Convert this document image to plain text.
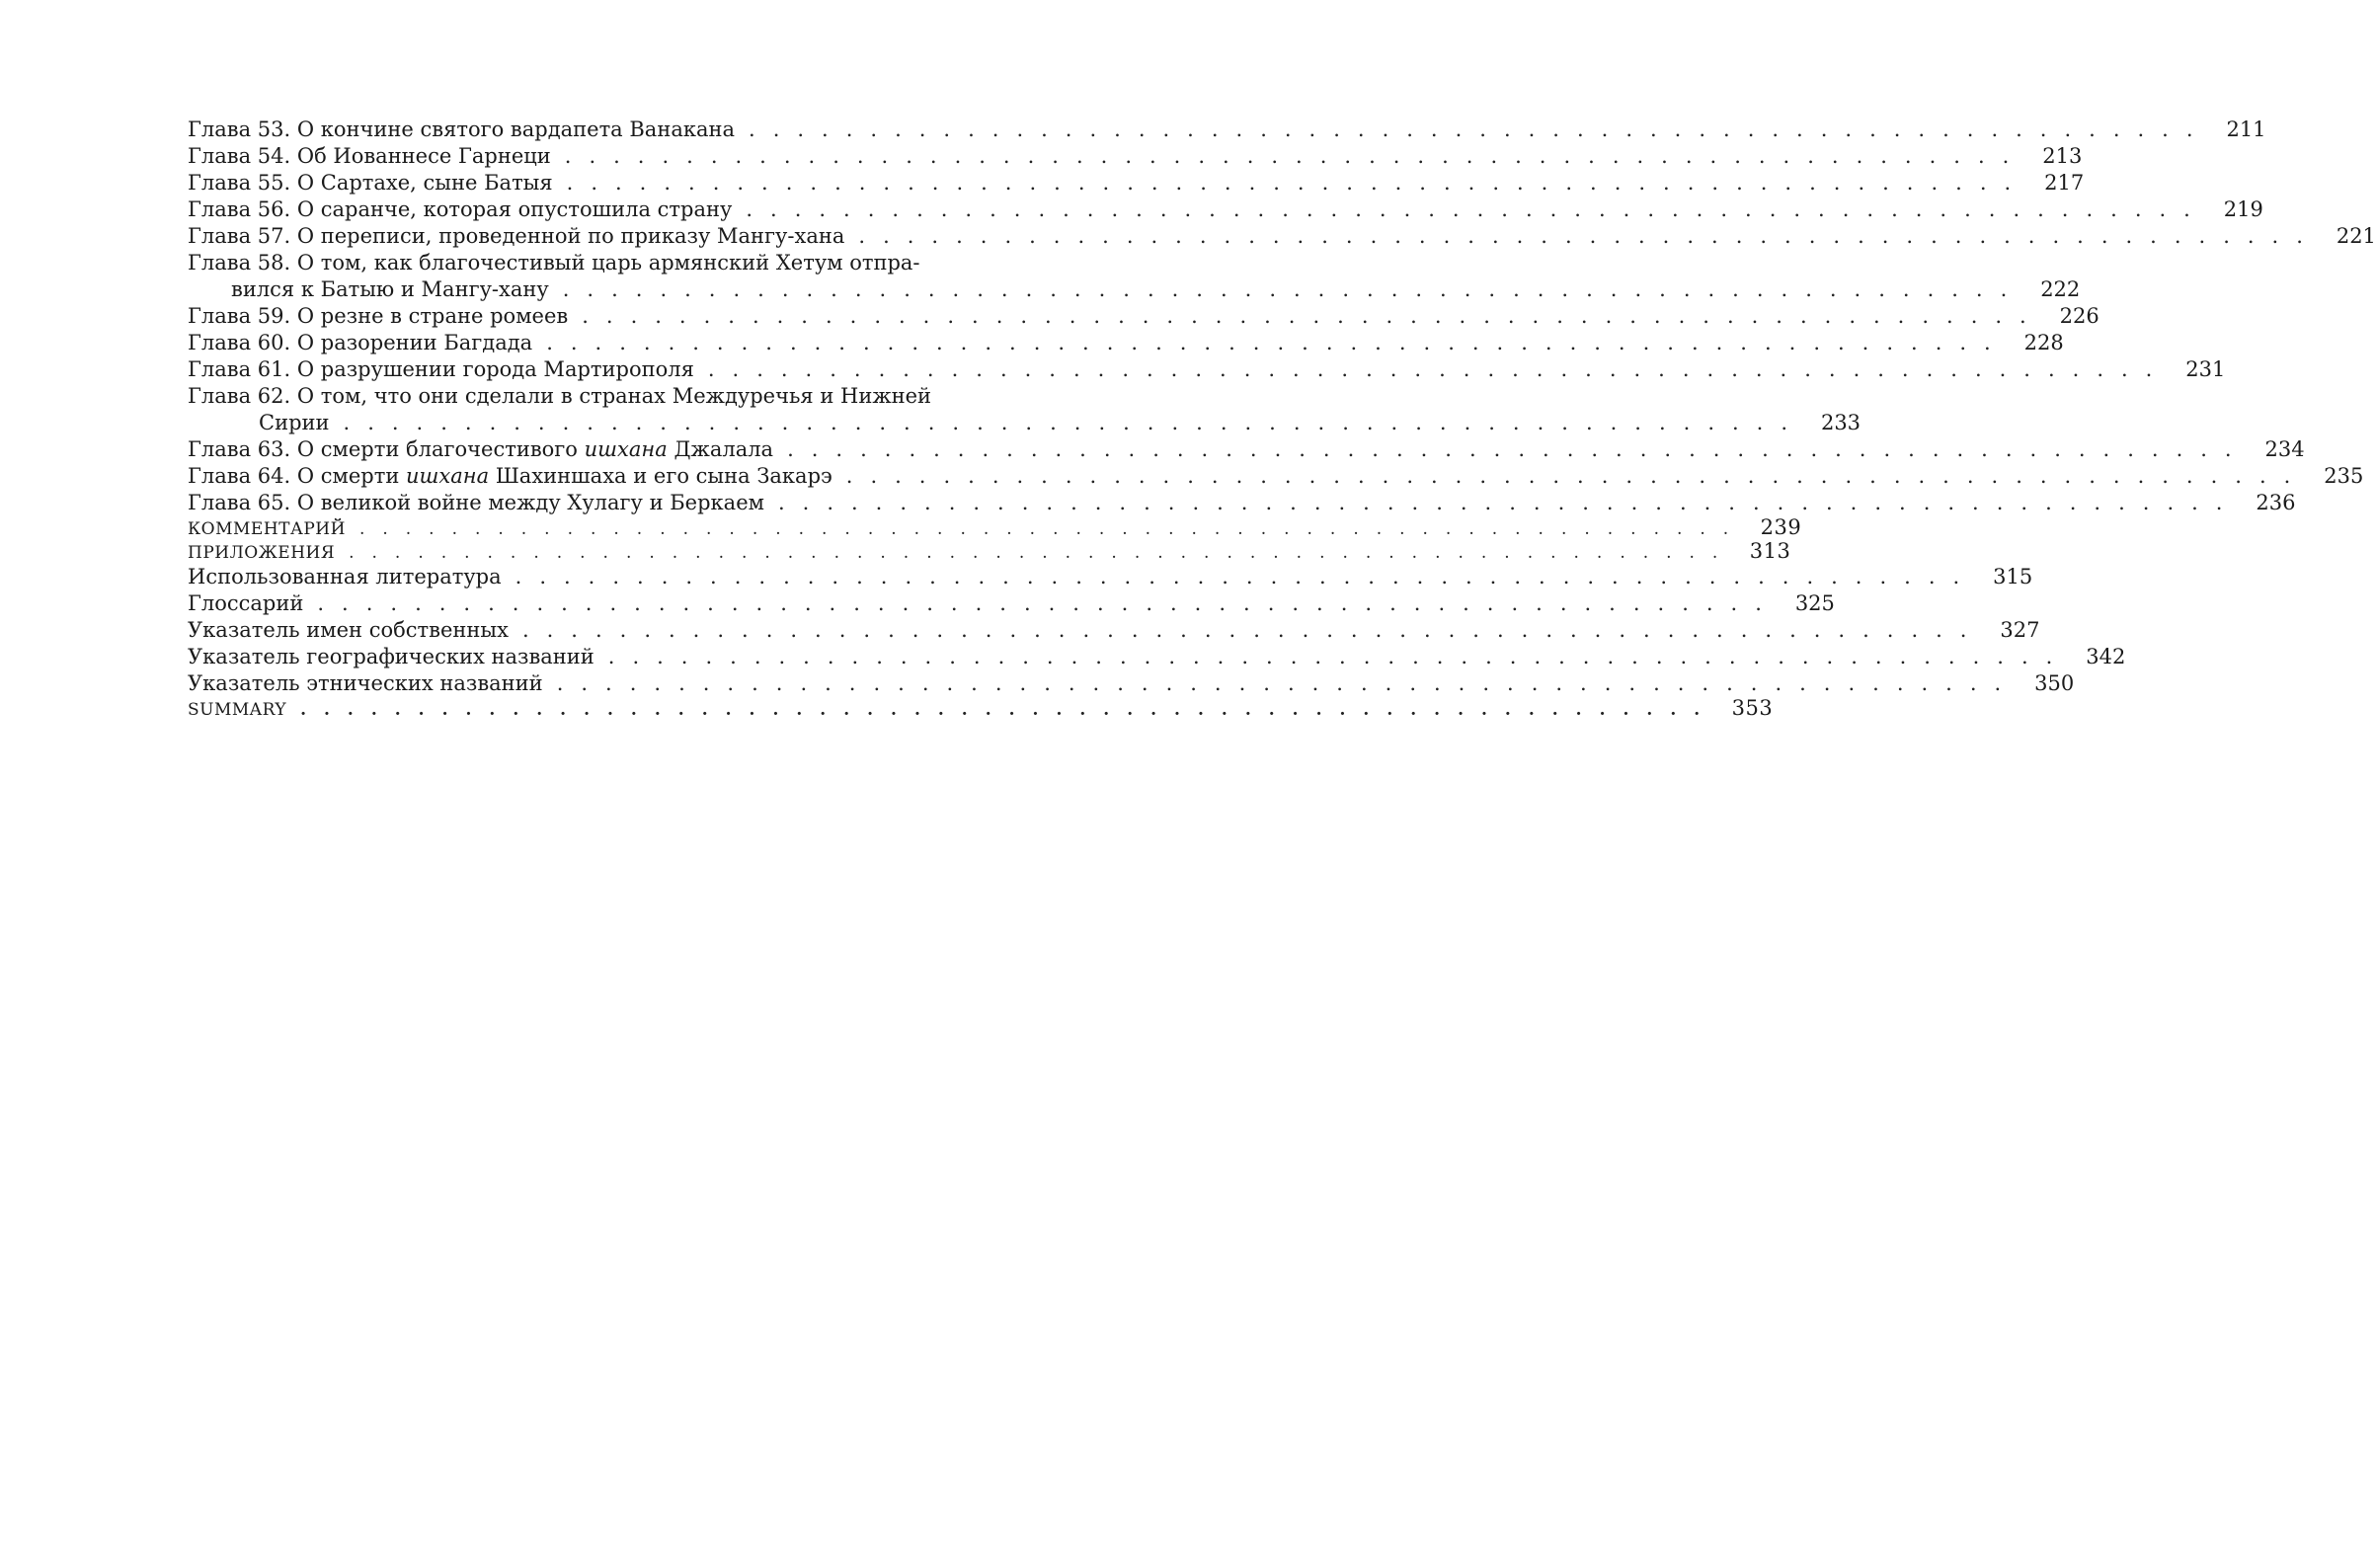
Глава 53. О кончине святого вардапета Ванакана ............................................................ 211
Глава 54. Об Иованнесе Гарнеци ............................................................ 213
Глава 55. О Сартахе, сыне Батыя ............................................................ 217
Глава 56. О саранче, которая опустошила страну ............................................................ 219
Глава 57. О переписи, проведенной по приказу Мангу-хана ............................................................ 221
Глава 58. О том, как благочестивый царь армянский Хетум отпра-
вился к Батыю и Мангу-хану ............................................................ 222
Глава 59. О резне в стране ромеев ............................................................ 226
Глава 60. О разорении Багдада ............................................................ 228
Глава 61. О разрушении города Мартирополя ............................................................ 231
Глава 62. О том, что они сделали в странах Междуречья и Нижней
Сирии ............................................................ 233
Глава 63. О смерти благочестивого ишхана Джалала ............................................................ 234
Глава 64. О смерти ишхана Шахиншаха и его сына Закарэ ............................................................ 235
Глава 65. О великой войне между Хулагу и Беркаем ............................................................ 236
КОММЕНТАРИЙ ............................................................ 239
ПРИЛОЖЕНИЯ ............................................................ 313
Использованная литература ............................................................ 315
Глоссарий ............................................................ 325
Указатель имен собственных ............................................................ 327
Указатель географических названий ............................................................ 342
Указатель этнических названий ............................................................ 350
SUMMARY ............................................................ 353
